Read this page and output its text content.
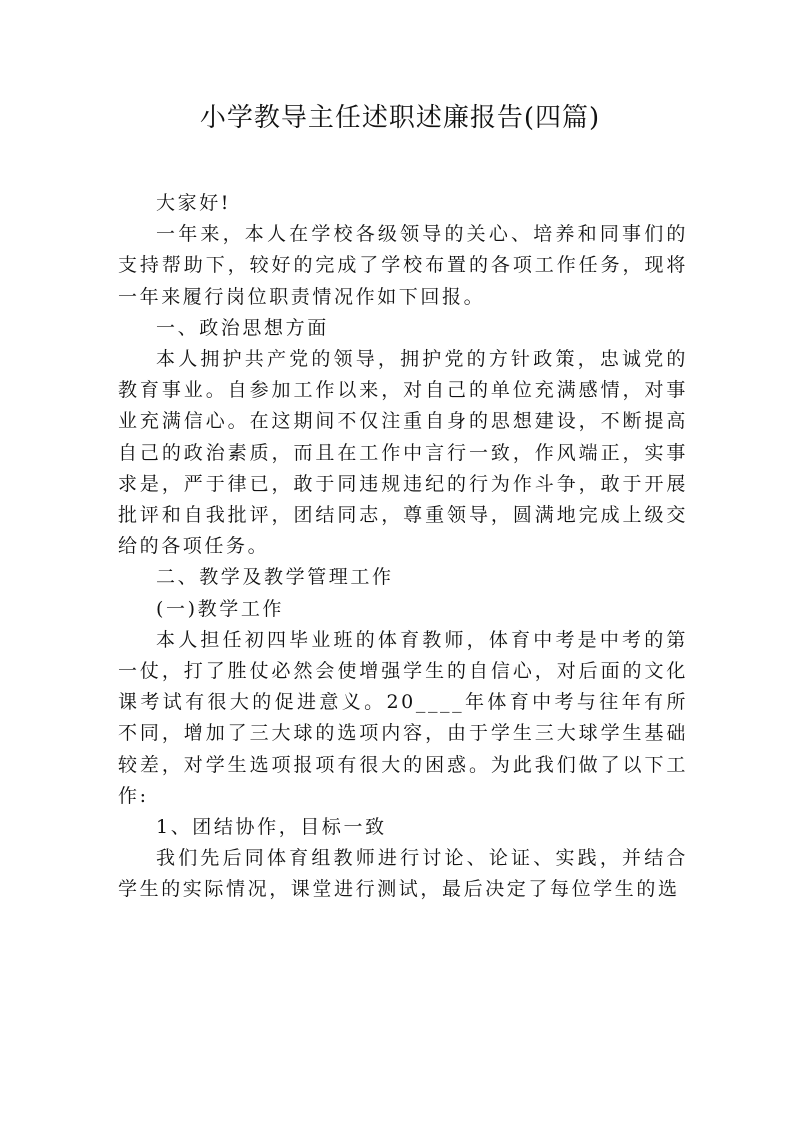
小学教导主任述职述廉报告(四篇)

大家好!

一年来，本人在学校各级领导的关心、培养和同事们的支持帮助下，较好的完成了学校布置的各项工作任务，现将一年来履行岗位职责情况作如下回报。

一、政治思想方面

本人拥护共产党的领导，拥护党的方针政策，忠诚党的教育事业。自参加工作以来，对自己的单位充满感情，对事业充满信心。在这期间不仅注重自身的思想建设，不断提高自己的政治素质，而且在工作中言行一致，作风端正，实事求是，严于律已，敢于同违规违纪的行为作斗争，敢于开展批评和自我批评，团结同志，尊重领导，圆满地完成上级交给的各项任务。

二、教学及教学管理工作

(一)教学工作

本人担任初四毕业班的体育教师，体育中考是中考的第一仗，打了胜仗必然会使增强学生的自信心，对后面的文化课考试有很大的促进意义。20____年体育中考与往年有所不同，增加了三大球的选项内容，由于学生三大球学生基础较差，对学生选项报项有很大的困惑。为此我们做了以下工作:

1、团结协作，目标一致

我们先后同体育组教师进行讨论、论证、实践，并结合学生的实际情况，课堂进行测试，最后决定了每位学生的选
